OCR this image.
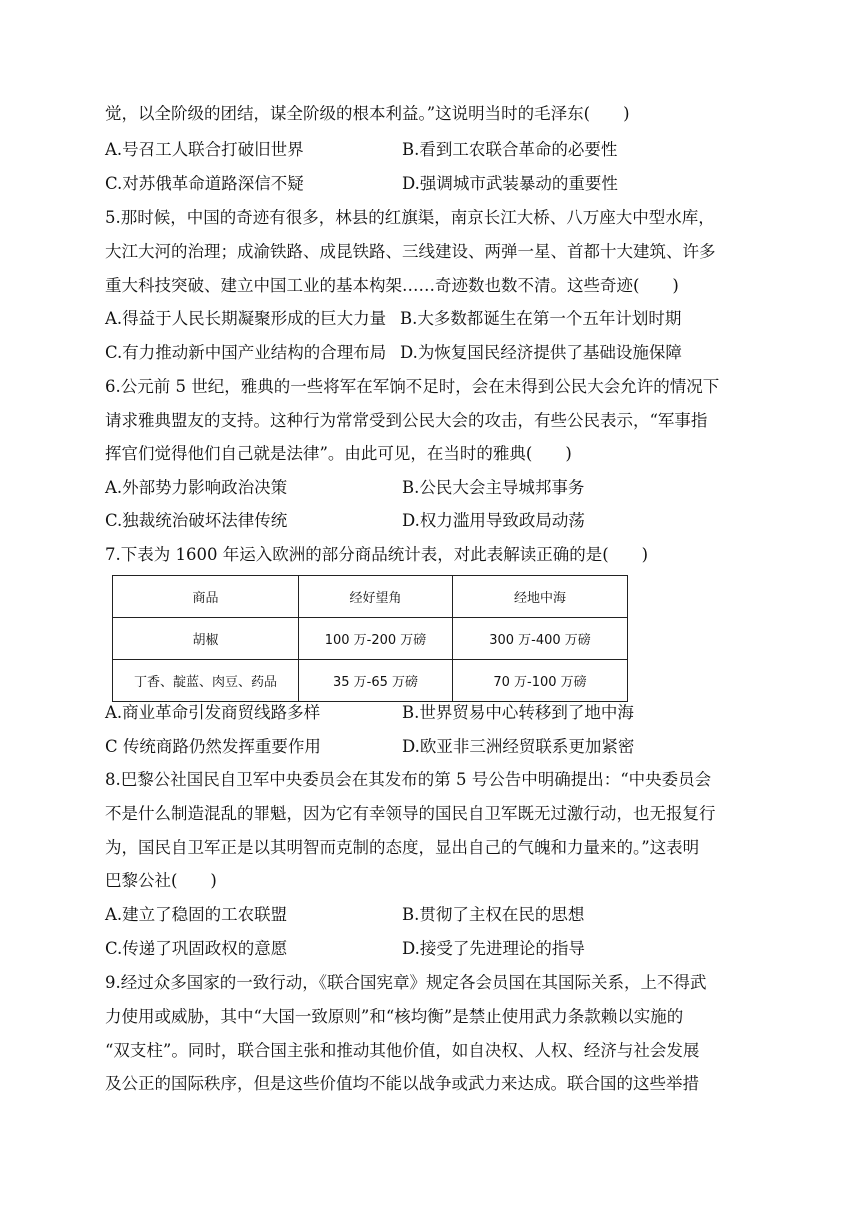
觉，以全阶级的团结，谋全阶级的根本利益。”这说明当时的毛泽东(　　)
A.号召工人联合打破旧世界	B.看到工农联合革命的必要性
C.对苏俄革命道路深信不疑	D.强调城市武装暴动的重要性
5.那时候，中国的奇迹有很多，林县的红旗渠，南京长江大桥、八万座大中型水库，
大江大河的治理；成渝铁路、成昆铁路、三线建设、两弹一星、首都十大建筑、许多
重大科技突破、建立中国工业的基本构架……奇迹数也数不清。这些奇迹(　　)
A.得益于人民长期凝聚形成的巨大力量 B.大多数都诞生在第一个五年计划时期
C.有力推动新中国产业结构的合理布局 D.为恢复国民经济提供了基础设施保障
6.公元前 5 世纪，雅典的一些将军在军饷不足时，会在未得到公民大会允许的情况下
请求雅典盟友的支持。这种行为常常受到公民大会的攻击，有些公民表示，“军事指
挥官们觉得他们自己就是法律”。由此可见，在当时的雅典(　　)
A.外部势力影响政治决策	B.公民大会主导城邦事务
C.独裁统治破坏法律传统	D.权力滥用导致政局动荡
7.下表为 1600 年运入欧洲的部分商品统计表，对此表解读正确的是(　　)
商品	经好望角	经地中海
胡椒	100 万-200 万磅	300 万-400 万磅
丁香、靛蓝、肉豆、药品	35 万-65 万磅	70 万-100 万磅
A.商业革命引发商贸线路多样	B.世界贸易中心转移到了地中海
C 传统商路仍然发挥重要作用	D.欧亚非三洲经贸联系更加紧密
8.巴黎公社国民自卫军中央委员会在其发布的第 5 号公告中明确提出：“中央委员会
不是什么制造混乱的罪魁，因为它有幸领导的国民自卫军既无过激行动，也无报复行
为，国民自卫军正是以其明智而克制的态度，显出自己的气魄和力量来的。”这表明
巴黎公社(　　)
A.建立了稳固的工农联盟	B.贯彻了主权在民的思想
C.传递了巩固政权的意愿	D.接受了先进理论的指导
9.经过众多国家的一致行动，《联合国宪章》规定各会员国在其国际关系，上不得武
力使用或威胁，其中“大国一致原则”和“核均衡”是禁止使用武力条款赖以实施的
“双支柱”。同时，联合国主张和推动其他价值，如自决权、人权、经济与社会发展
及公正的国际秩序，但是这些价值均不能以战争或武力来达成。联合国的这些举措
